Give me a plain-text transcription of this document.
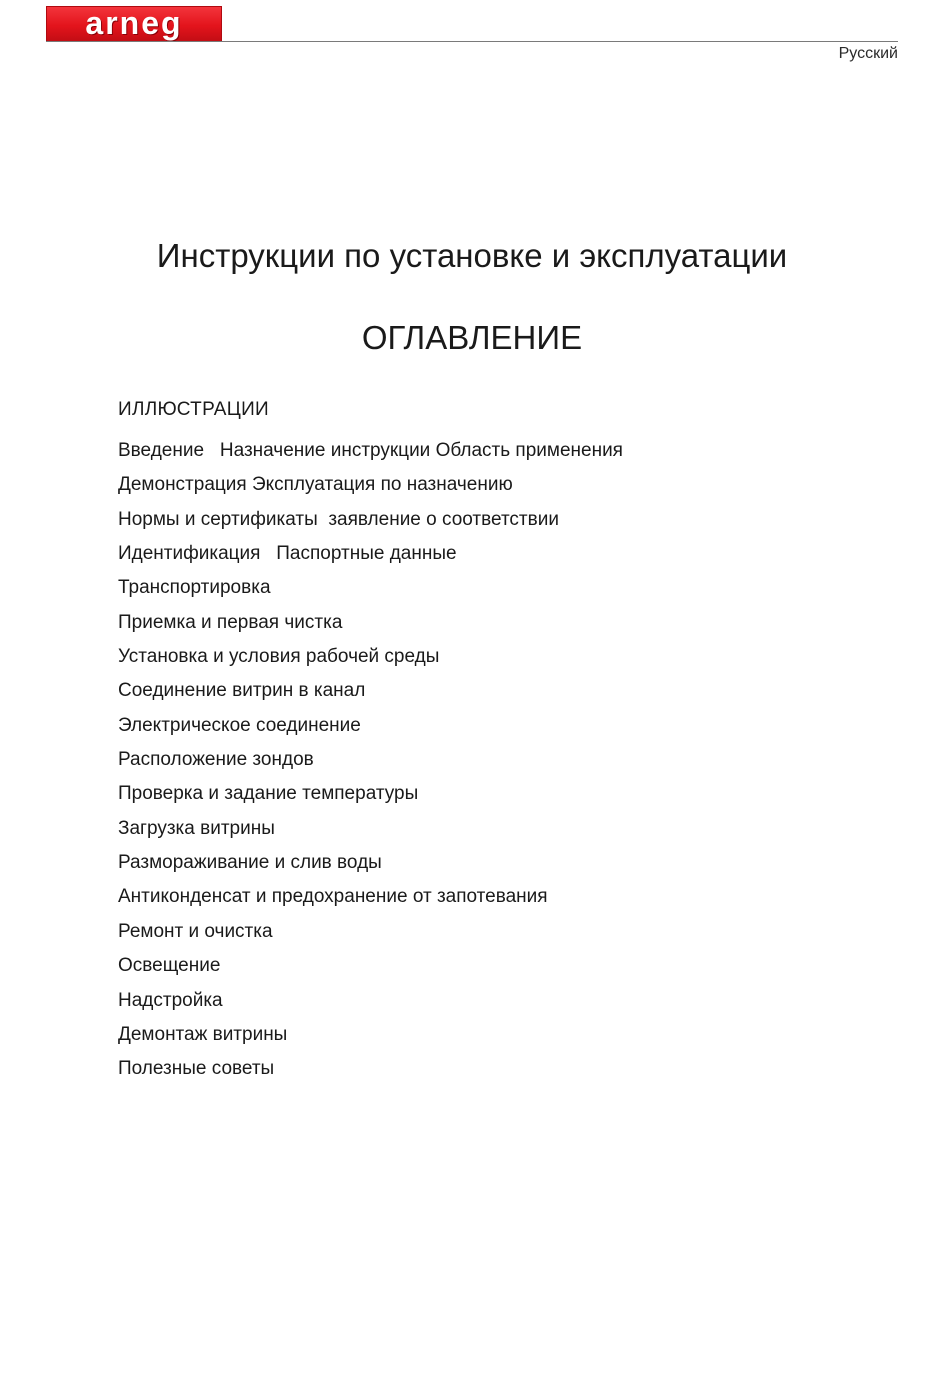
arneg
Русский
Инструкции по установке и эксплуатации
ОГЛАВЛЕНИЕ
ИЛЛЮСТРАЦИИ
Введение   Назначение инструкции Область применения
Демонстрация Эксплуатация по назначению
Нормы и сертификаты  заявление о соответствии
Идентификация   Паспортные данные
Транспортировка
Приемка и первая чистка
Установка и условия рабочей среды
Соединение витрин в канал
Электрическое соединение
Расположение зондов
Проверка и задание температуры
Загрузка витрины
Размораживание и слив воды
Антиконденсат и предохранение от запотевания
Ремонт и очистка
Освещение
Надстройка
Демонтаж витрины
Полезные советы
